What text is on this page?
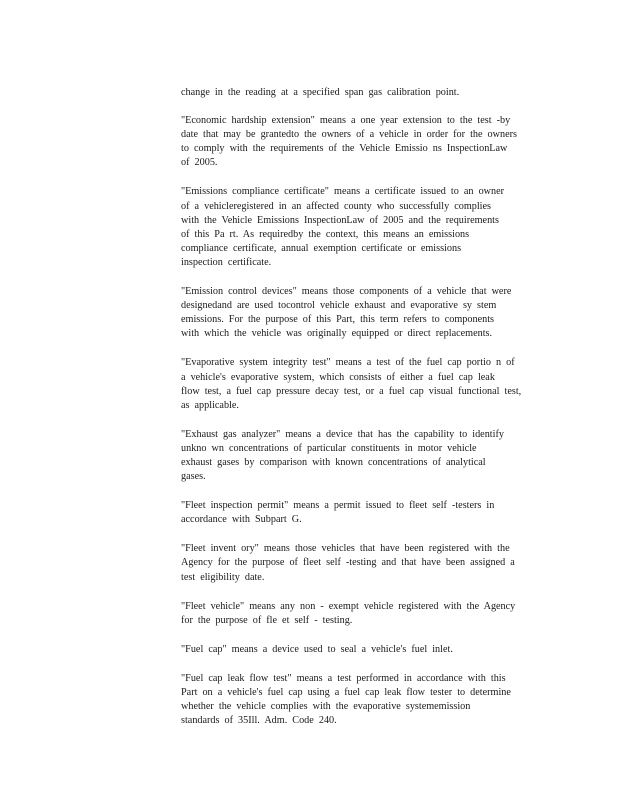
change in the reading at a specified span gas calibration point.

"Economic hardship extension" means a one year extension to the test -by
date that may be grantedto the owners of a vehicle in order for the owners
to comply with the requirements of the Vehicle Emissio ns InspectionLaw
of 2005.

"Emissions compliance certificate" means a certificate issued to an owner
of a vehicleregistered in an affected county who successfully complies
with the Vehicle Emissions InspectionLaw of 2005 and the requirements
of this Pa rt. As requiredby the context, this means an emissions
compliance certificate, annual exemption certificate or emissions
inspection certificate.

"Emission control devices" means those components of a vehicle that were
designedand are used tocontrol vehicle exhaust and evaporative sy stem
emissions. For the purpose of this Part, this term refers to components
with which the vehicle was originally equipped or direct replacements.

"Evaporative system integrity test" means a test of the fuel cap portio n of
a vehicle's evaporative system, which consists of either a fuel cap leak
flow test, a fuel cap pressure decay test, or a fuel cap visual functional test,
as applicable.

"Exhaust gas analyzer" means a device that has the capability to identify
unkno wn concentrations of particular constituents in motor vehicle
exhaust gases by comparison with known concentrations of analytical
gases.

"Fleet inspection permit" means a permit issued to fleet self -testers in
accordance with Subpart G.

"Fleet invent ory" means those vehicles that have been registered with the
Agency for the purpose of fleet self -testing and that have been assigned a
test eligibility date.

"Fleet vehicle" means any non - exempt vehicle registered with the Agency
for the purpose of fle et self - testing.

"Fuel cap" means a device used to seal a vehicle's fuel inlet.

"Fuel cap leak flow test" means a test performed in accordance with this
Part on a vehicle's fuel cap using a fuel cap leak flow tester to determine
whether the vehicle complies with the evaporative systememission
standards of 35Ill. Adm. Code 240.
